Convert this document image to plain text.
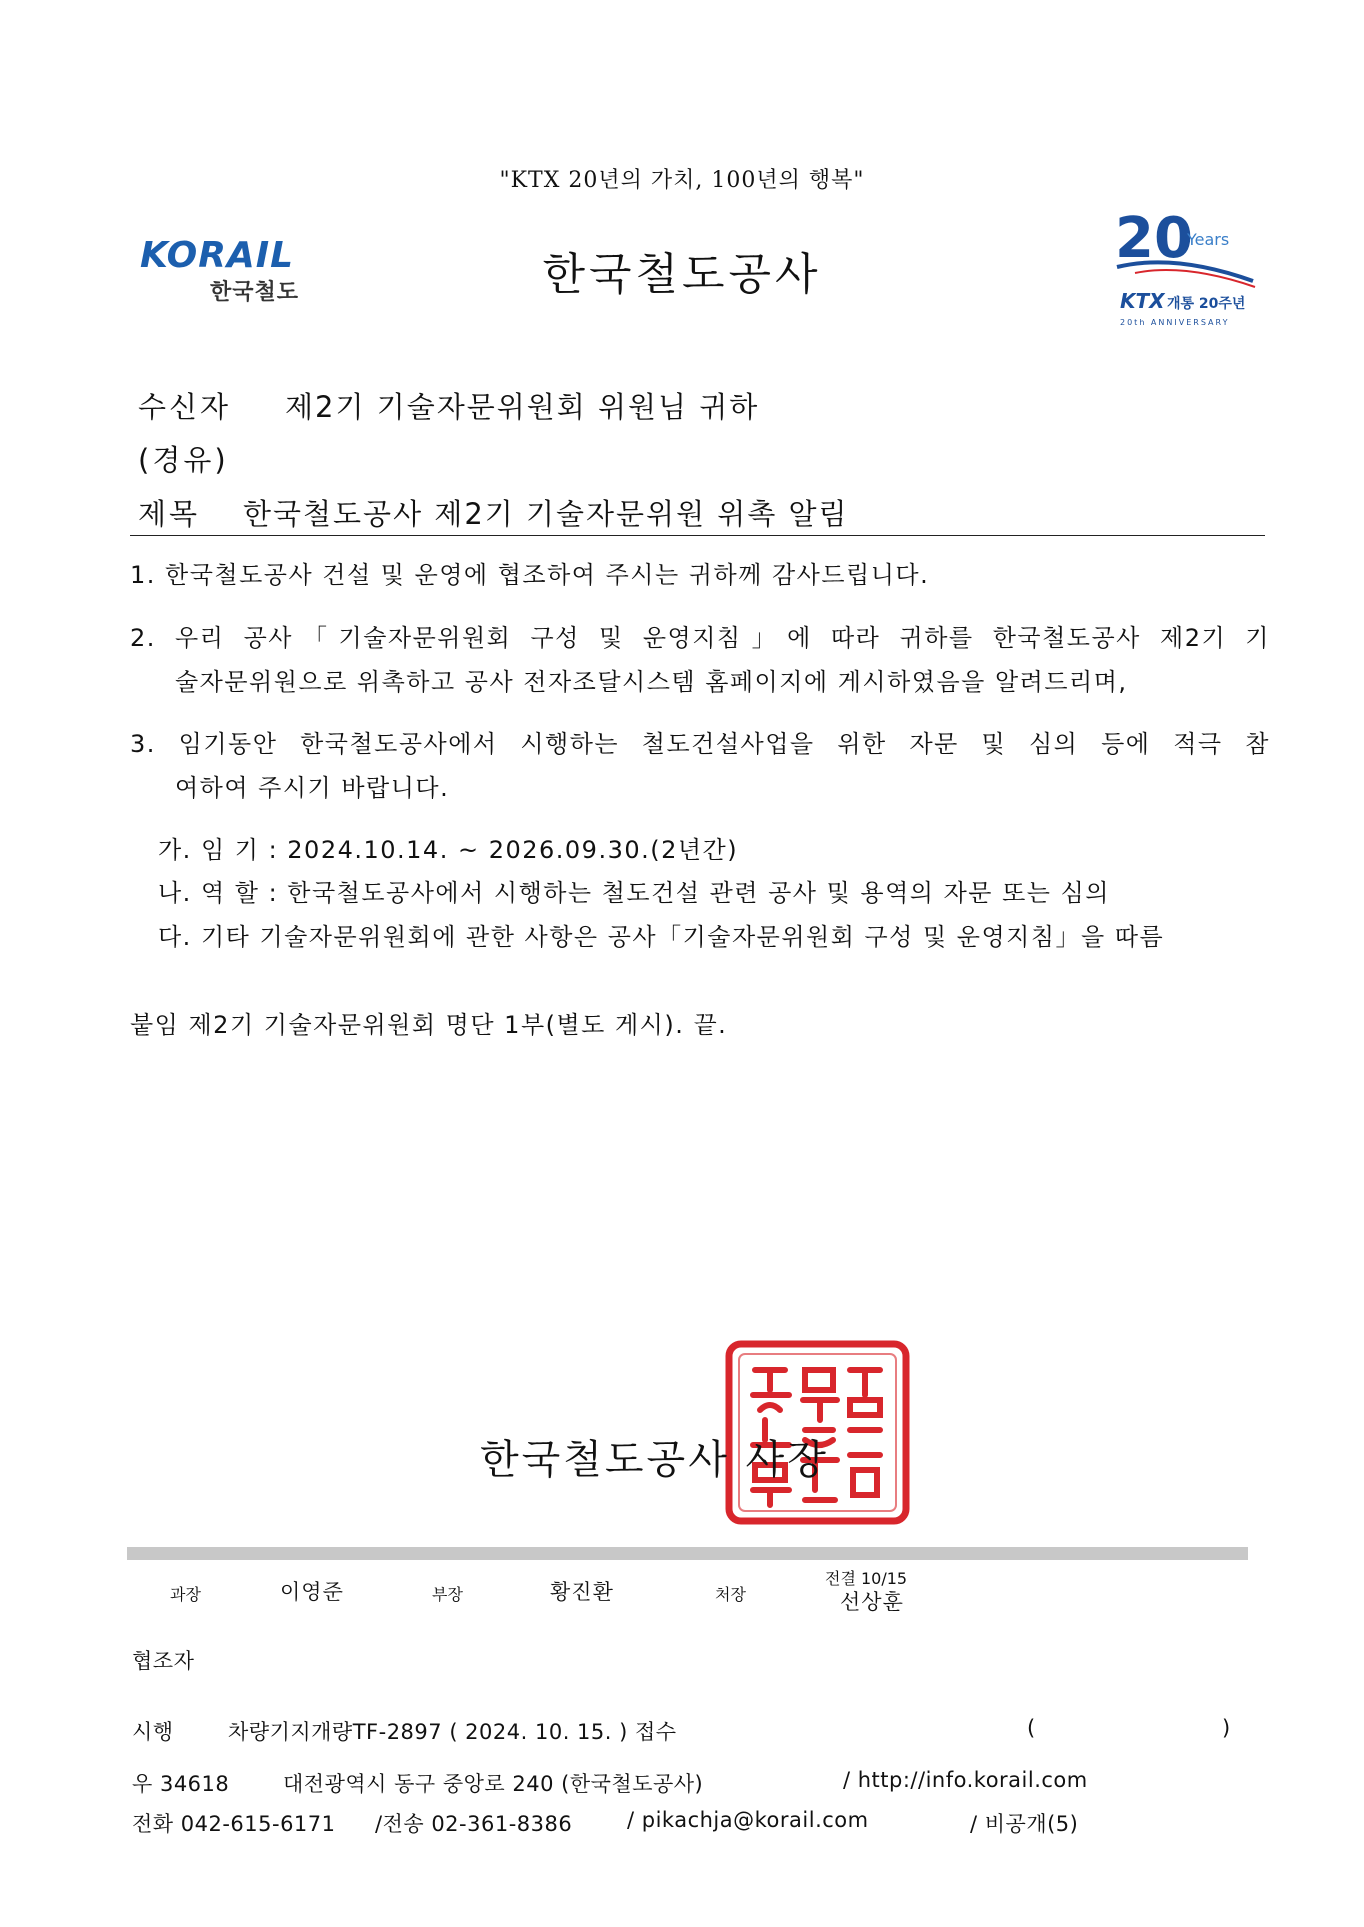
"KTX 20년의 가치, 100년의 행복"
KORAIL
한국철도	한국철도공사
20
Years
KTX 개통 20주년
20th ANNIVERSARY
수신자 제2기 기술자문위원회 위원님 귀하
(경유)
제목 한국철도공사 제2기 기술자문위원 위촉 알림
1. 한국철도공사 건설 및 운영에 협조하여 주시는 귀하께 감사드립니다.
2. 우리 공사「기술자문위원회 구성 및 운영지침」에 따라 귀하를 한국철도공사 제2기 기
술자문위원으로 위촉하고 공사 전자조달시스템 홈페이지에 게시하였음을 알려드리며,
3. 임기동안 한국철도공사에서 시행하는 철도건설사업을 위한 자문 및 심의 등에 적극 참
여하여 주시기 바랍니다.
가. 임 기 : 2024.10.14. ~ 2026.09.30.(2년간)
나. 역 할 : 한국철도공사에서 시행하는 철도건설 관련 공사 및 용역의 자문 또는 심의
다. 기타 기술자문위원회에 관한 사항은 공사「기술자문위원회 구성 및 운영지침」을 따름
붙임 제2기 기술자문위원회 명단 1부(별도 게시). 끝.
한국철도공사 사장
과장	이영준	부장	황진환	처장
전결 10/15
선상훈
협조자
시행	차량기지개량TF-2897 ( 2024. 10. 15. ) 접수	(	)
우 34618	대전광역시 동구 중앙로 240 (한국철도공사)	/ http://info.korail.com
전화 042-615-6171 /전송 02-361-8386	/ pikachja@korail.com	/ 비공개(5)
